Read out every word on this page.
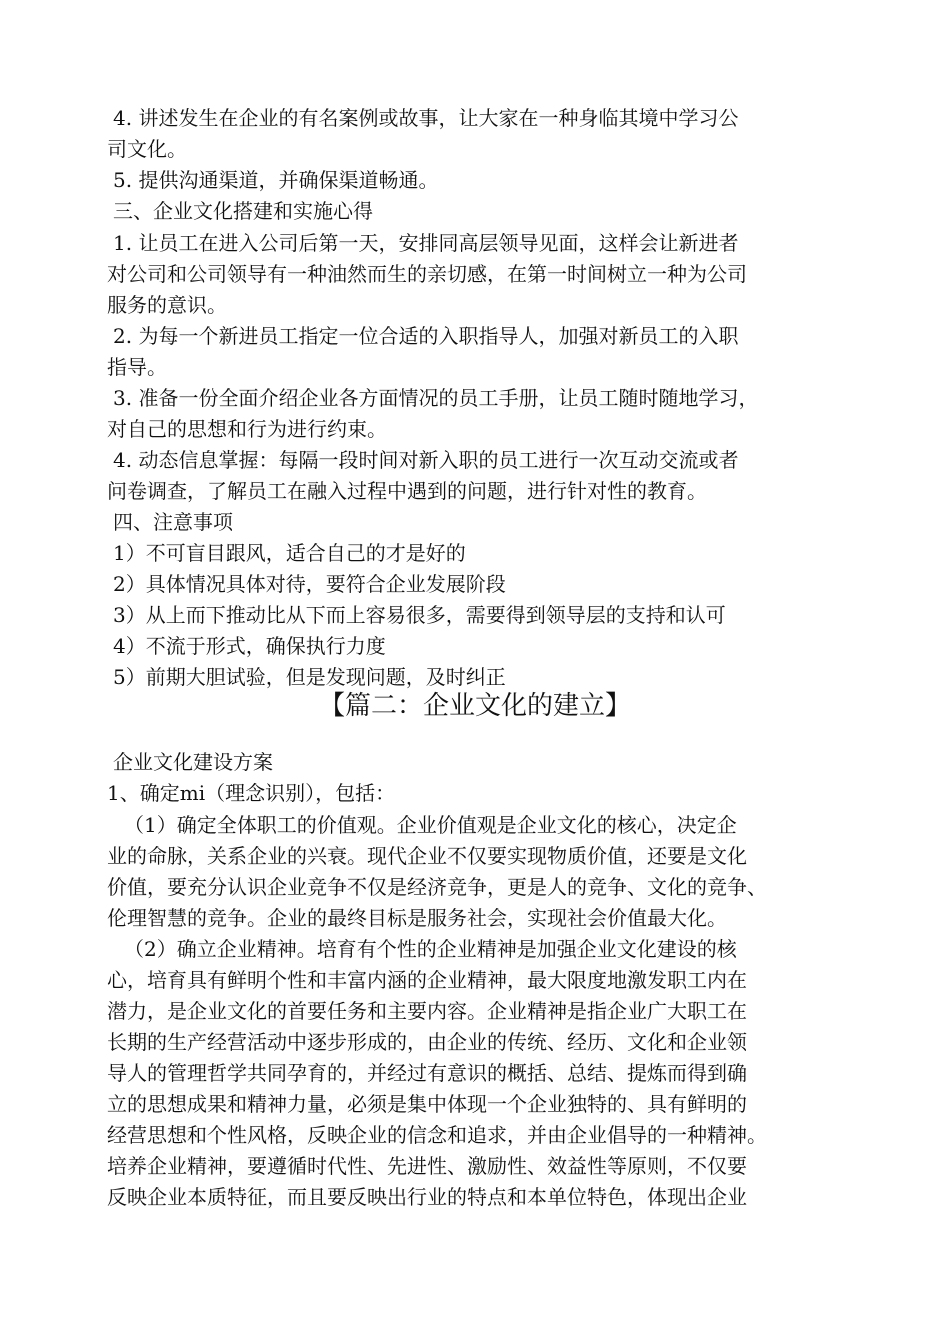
4. 讲述发生在企业的有名案例或故事，让大家在一种身临其境中学习公
司文化。
5. 提供沟通渠道，并确保渠道畅通。
三、企业文化搭建和实施心得
1. 让员工在进入公司后第一天，安排同高层领导见面，这样会让新进者
对公司和公司领导有一种油然而生的亲切感，在第一时间树立一种为公司
服务的意识。
2. 为每一个新进员工指定一位合适的入职指导人，加强对新员工的入职
指导。
3. 准备一份全面介绍企业各方面情况的员工手册，让员工随时随地学习，
对自己的思想和行为进行约束。
4. 动态信息掌握：每隔一段时间对新入职的员工进行一次互动交流或者
问卷调查，了解员工在融入过程中遇到的问题，进行针对性的教育。
四、注意事项
1）不可盲目跟风，适合自己的才是好的
2）具体情况具体对待，要符合企业发展阶段
3）从上而下推动比从下而上容易很多，需要得到领导层的支持和认可
4）不流于形式，确保执行力度
5）前期大胆试验，但是发现问题，及时纠正
【篇二：企业文化的建立】
企业文化建设方案
1、确定mi（理念识别），包括：
（1）确定全体职工的价值观。企业价值观是企业文化的核心，决定企
业的命脉，关系企业的兴衰。现代企业不仅要实现物质价值，还要是文化
价值，要充分认识企业竞争不仅是经济竞争，更是人的竞争、文化的竞争、
伦理智慧的竞争。企业的最终目标是服务社会，实现社会价值最大化。
（2）确立企业精神。培育有个性的企业精神是加强企业文化建设的核
心，培育具有鲜明个性和丰富内涵的企业精神，最大限度地激发职工内在
潜力，是企业文化的首要任务和主要内容。企业精神是指企业广大职工在
长期的生产经营活动中逐步形成的，由企业的传统、经历、文化和企业领
导人的管理哲学共同孕育的，并经过有意识的概括、总结、提炼而得到确
立的思想成果和精神力量，必须是集中体现一个企业独特的、具有鲜明的
经营思想和个性风格，反映企业的信念和追求，并由企业倡导的一种精神。
培养企业精神，要遵循时代性、先进性、激励性、效益性等原则，不仅要
反映企业本质特征，而且要反映出行业的特点和本单位特色，体现出企业
